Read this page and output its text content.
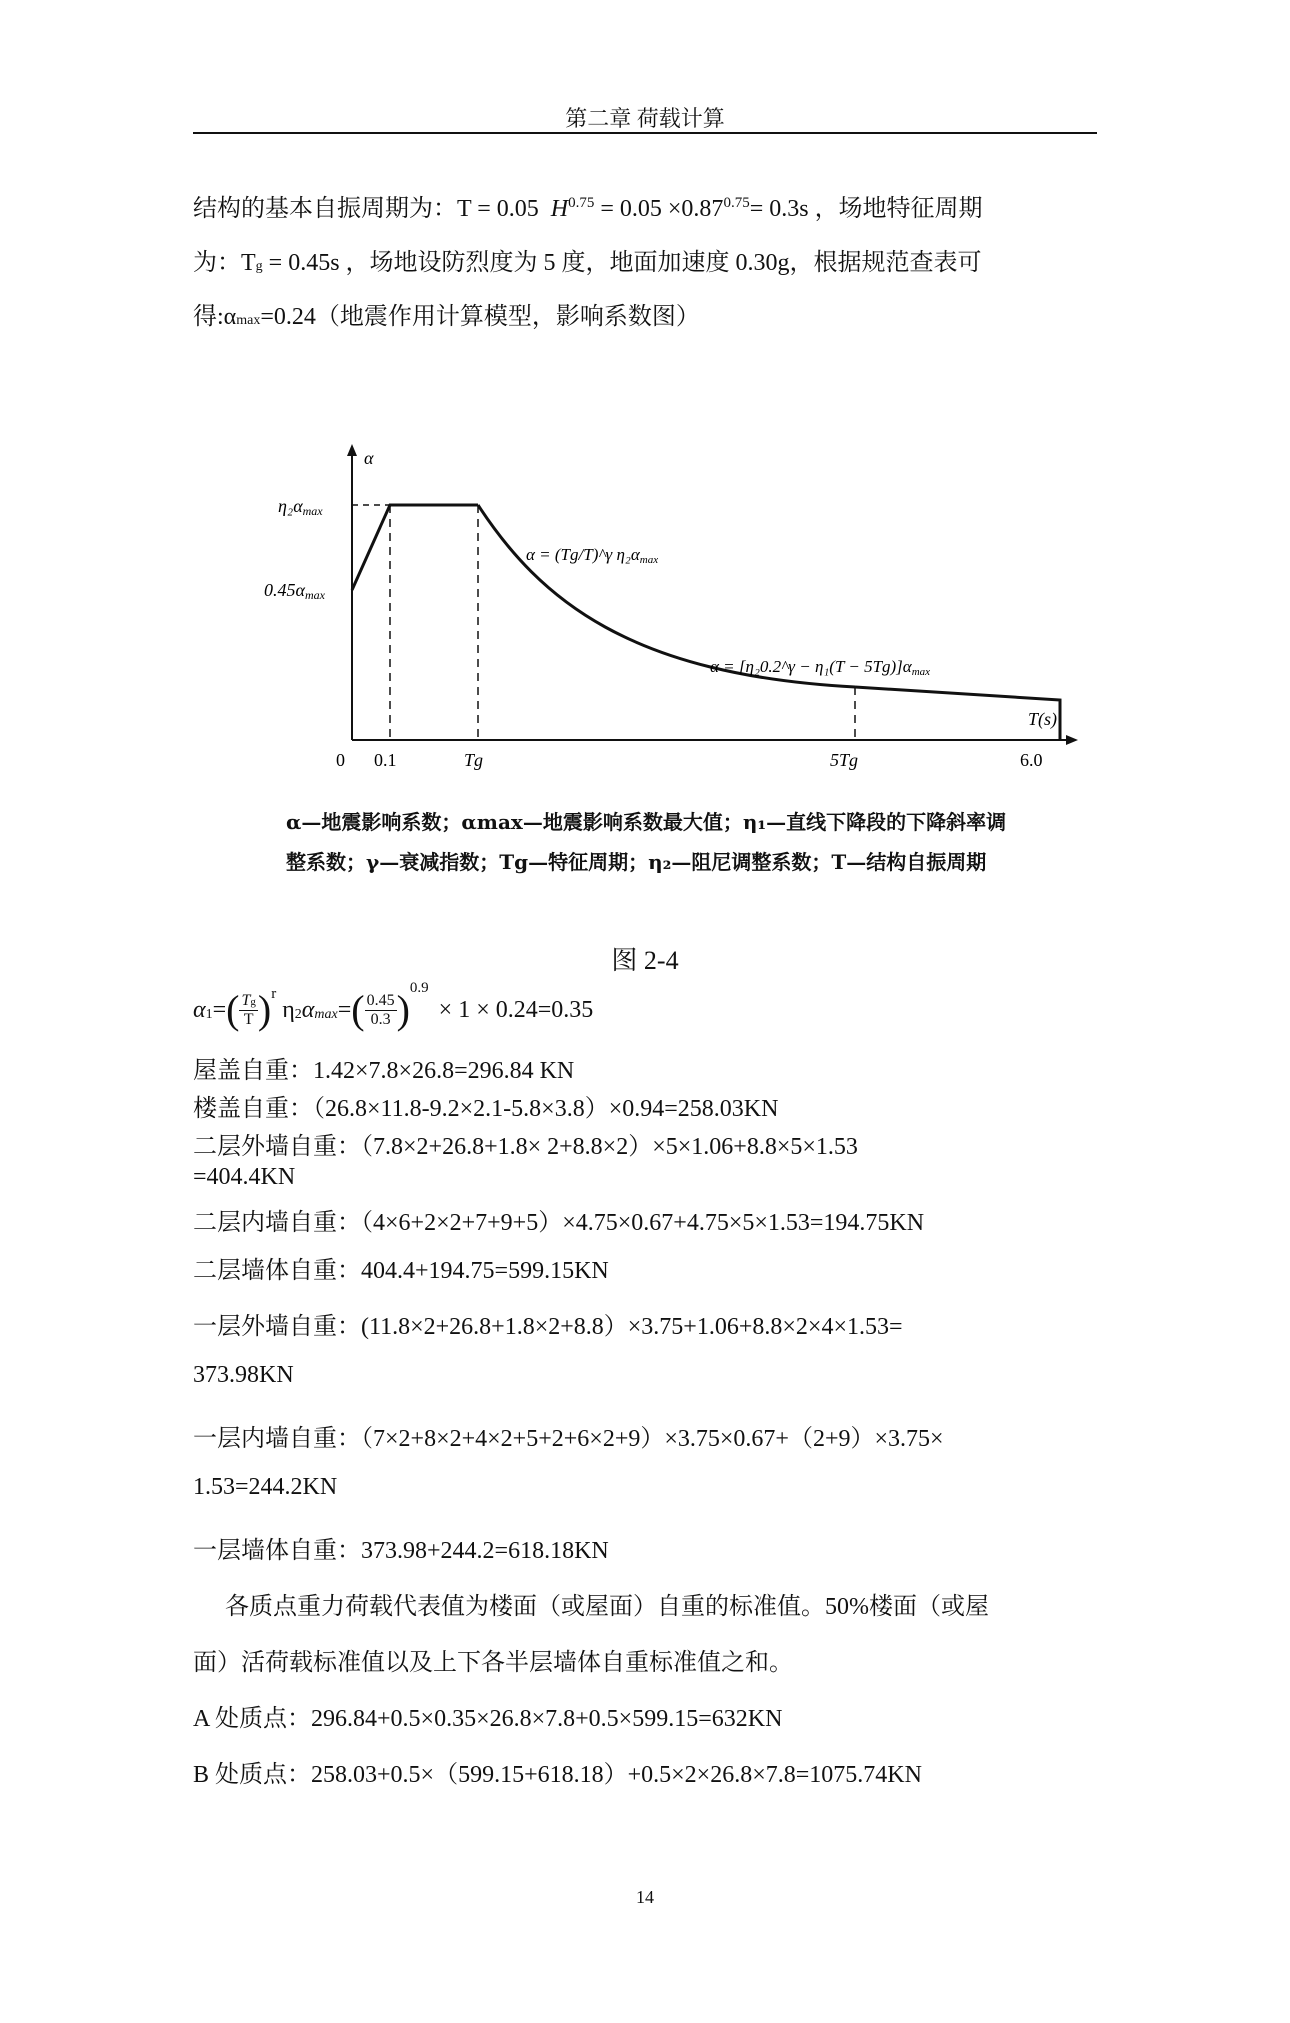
第二章 荷载计算
结构的基本自振周期为：T = 0.05 $H^{0.75} = 0.05 \times 0.87^{0.75}= 0.3s$ ，场地特征周期
为：Tg = 0.45s ，场地设防烈度为 5 度，地面加速度 0.30g，根据规范查表可
得:αmax=0.24（地震作用计算模型，影响系数图）
α
η₂αmax
0.45αmax
0 0.1	Tg	5Tg	6.0
T(s)
α = (Tg/T)^γ η₂αmax
α = [η₂0.2^γ − η₁(T − 5Tg)]αmax
α—地震影响系数；αmax—地震影响系数最大值；η₁—直线下降段的下降斜率调
整系数；γ—衰减指数；Tg—特征周期；η₂—阻尼调整系数；T—结构自振周期
图 2-4
α 1 = ( $\frac{Tg}{T}$ ) r
η 2 α max = ( $\frac{0.45}{0.3}$ ) 0.9
× 1 × 0.24=0.35
屋盖自重：1.42×7.8×26.8=296.84 KN
楼盖自重：（26.8×11.8-9.2×2.1-5.8×3.8）×0.94=258.03KN
二层外墙自重：（7.8×2+26.8+1.8× 2+8.8×2）×5×1.06+8.8×5×1.53
=404.4KN
二层内墙自重：（4×6+2×2+7+9+5）×4.75×0.67+4.75×5×1.53=194.75KN
二层墙体自重：404.4+194.75=599.15KN
一层外墙自重：(11.8×2+26.8+1.8×2+8.8）×3.75+1.06+8.8×2×4×1.53=
373.98KN
一层内墙自重：（7×2+8×2+4×2+5+2+6×2+9）×3.75×0.67+（2+9）×3.75×
1.53=244.2KN
一层墙体自重：373.98+244.2=618.18KN
各质点重力荷载代表值为楼面（或屋面）自重的标准值。50%楼面（或屋
面）活荷载标准值以及上下各半层墙体自重标准值之和。
A 处质点：296.84+0.5×0.35×26.8×7.8+0.5×599.15=632KN
B 处质点：258.03+0.5×（599.15+618.18）+0.5×2×26.8×7.8=1075.74KN
14
